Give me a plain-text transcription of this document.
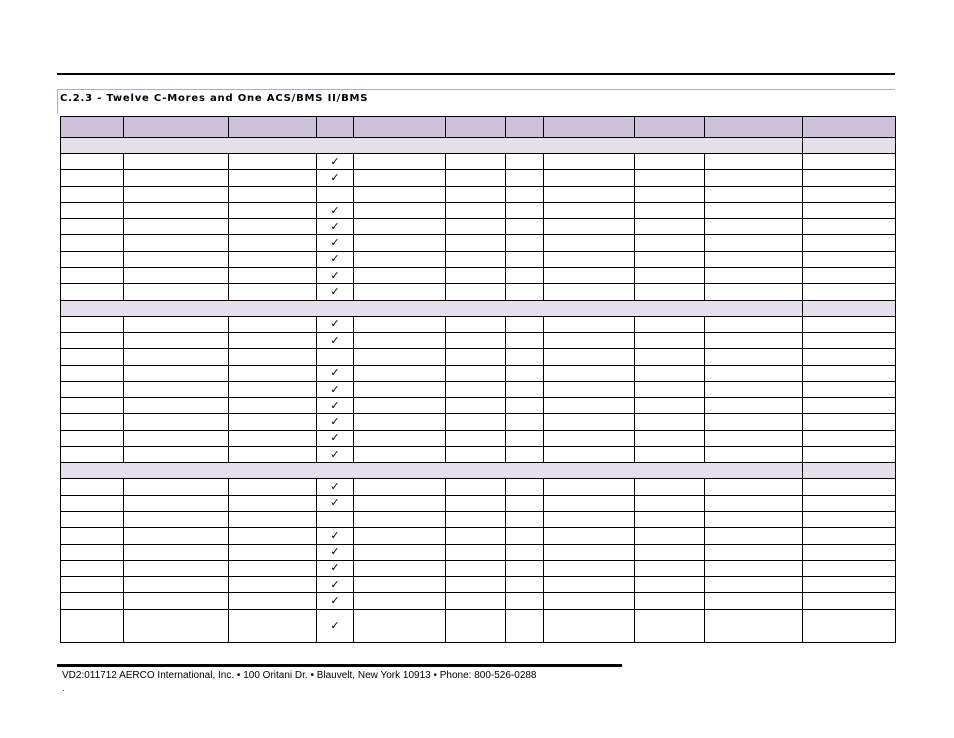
C.2.3 - Twelve C-Mores and One ACS/BMS II/BMS

			✓							
			✓							

			✓							
			✓							
			✓							
			✓							
			✓							
			✓							

			✓							
			✓							

			✓							
			✓							
			✓							
			✓							
			✓							
			✓							

			✓							
			✓							

			✓							
			✓							
			✓							
			✓							
			✓							
			✓							
VD2:011712 AERCO International, Inc. • 100 Oritani Dr. • Blauvelt, New York 10913 • Phone: 800-526-0288
·
